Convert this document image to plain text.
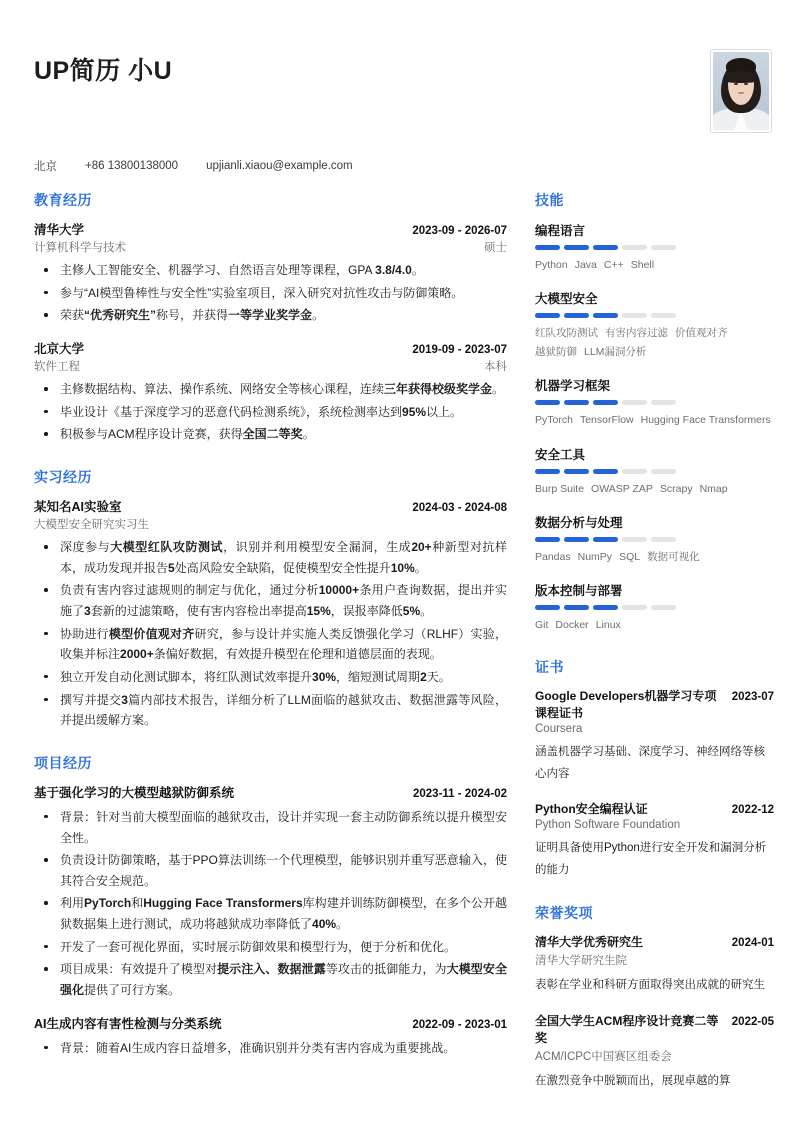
UP简历 小U
北京 +86 13800138000 upjianli.xiaou@example.com
教育经历
清华大学	2023-09 - 2026-07
计算机科学与技术	硕士
主修人工智能安全、机器学习、自然语言处理等课程，GPA 3.8/4.0。
参与“AI模型鲁棒性与安全性”实验室项目，深入研究对抗性攻击与防御策略。
荣获“优秀研究生”称号，并获得一等学业奖学金。
北京大学	2019-09 - 2023-07
软件工程	本科
主修数据结构、算法、操作系统、网络安全等核心课程，连续三年获得校级奖学金。
毕业设计《基于深度学习的恶意代码检测系统》，系统检测率达到95%以上。
积极参与ACM程序设计竞赛，获得全国二等奖。
实习经历
某知名AI实验室	2024-03 - 2024-08
大模型安全研究实习生
深度参与大模型红队攻防测试，识别并利用模型安全漏洞，生成20+种新型对抗样本，成功发现并报告5处高风险安全缺陷，促使模型安全性提升10%。
负责有害内容过滤规则的制定与优化，通过分析10000+条用户查询数据，提出并实施了3套新的过滤策略，使有害内容检出率提高15%，误报率降低5%。
协助进行模型价值观对齐研究，参与设计并实施人类反馈强化学习（RLHF）实验，收集并标注2000+条偏好数据，有效提升模型在伦理和道德层面的表现。
独立开发自动化测试脚本，将红队测试效率提升30%，缩短测试周期2天。
撰写并提交3篇内部技术报告，详细分析了LLM面临的越狱攻击、数据泄露等风险，并提出缓解方案。
项目经历
基于强化学习的大模型越狱防御系统	2023-11 - 2024-02
背景：针对当前大模型面临的越狱攻击，设计并实现一套主动防御系统以提升模型安全性。
负责设计防御策略，基于PPO算法训练一个代理模型，能够识别并重写恶意输入，使其符合安全规范。
利用PyTorch和Hugging Face Transformers库构建并训练防御模型，在多个公开越狱数据集上进行测试，成功将越狱成功率降低了40%。
开发了一套可视化界面，实时展示防御效果和模型行为，便于分析和优化。
项目成果：有效提升了模型对提示注入、数据泄露等攻击的抵御能力，为大模型安全强化提供了可行方案。
AI生成内容有害性检测与分类系统	2022-09 - 2023-01
背景：随着AI生成内容日益增多，准确识别并分类有害内容成为重要挑战。
技能
编程语言
Python Java C++ Shell
大模型安全
红队攻防测试 有害内容过滤 价值观对齐越狱防御 LLM漏洞分析
机器学习框架
PyTorch TensorFlow Hugging Face Transformers
安全工具
Burp Suite OWASP ZAP Scrapy Nmap
数据分析与处理
Pandas NumPy SQL 数据可视化
版本控制与部署
Git Docker Linux
证书
Google Developers机器学习专项课程证书
2023-07
Coursera
涵盖机器学习基础、深度学习、神经网络等核心内容
Python安全编程认证	2022-12
Python Software Foundation
证明具备使用Python进行安全开发和漏洞分析的能力
荣誉奖项
清华大学优秀研究生	2024-01
清华大学研究生院
表彰在学业和科研方面取得突出成就的研究生
全国大学生ACM程序设计竞赛二等奖
2022-05
ACM/ICPC中国赛区组委会
在激烈竞争中脱颖而出，展现卓越的算
